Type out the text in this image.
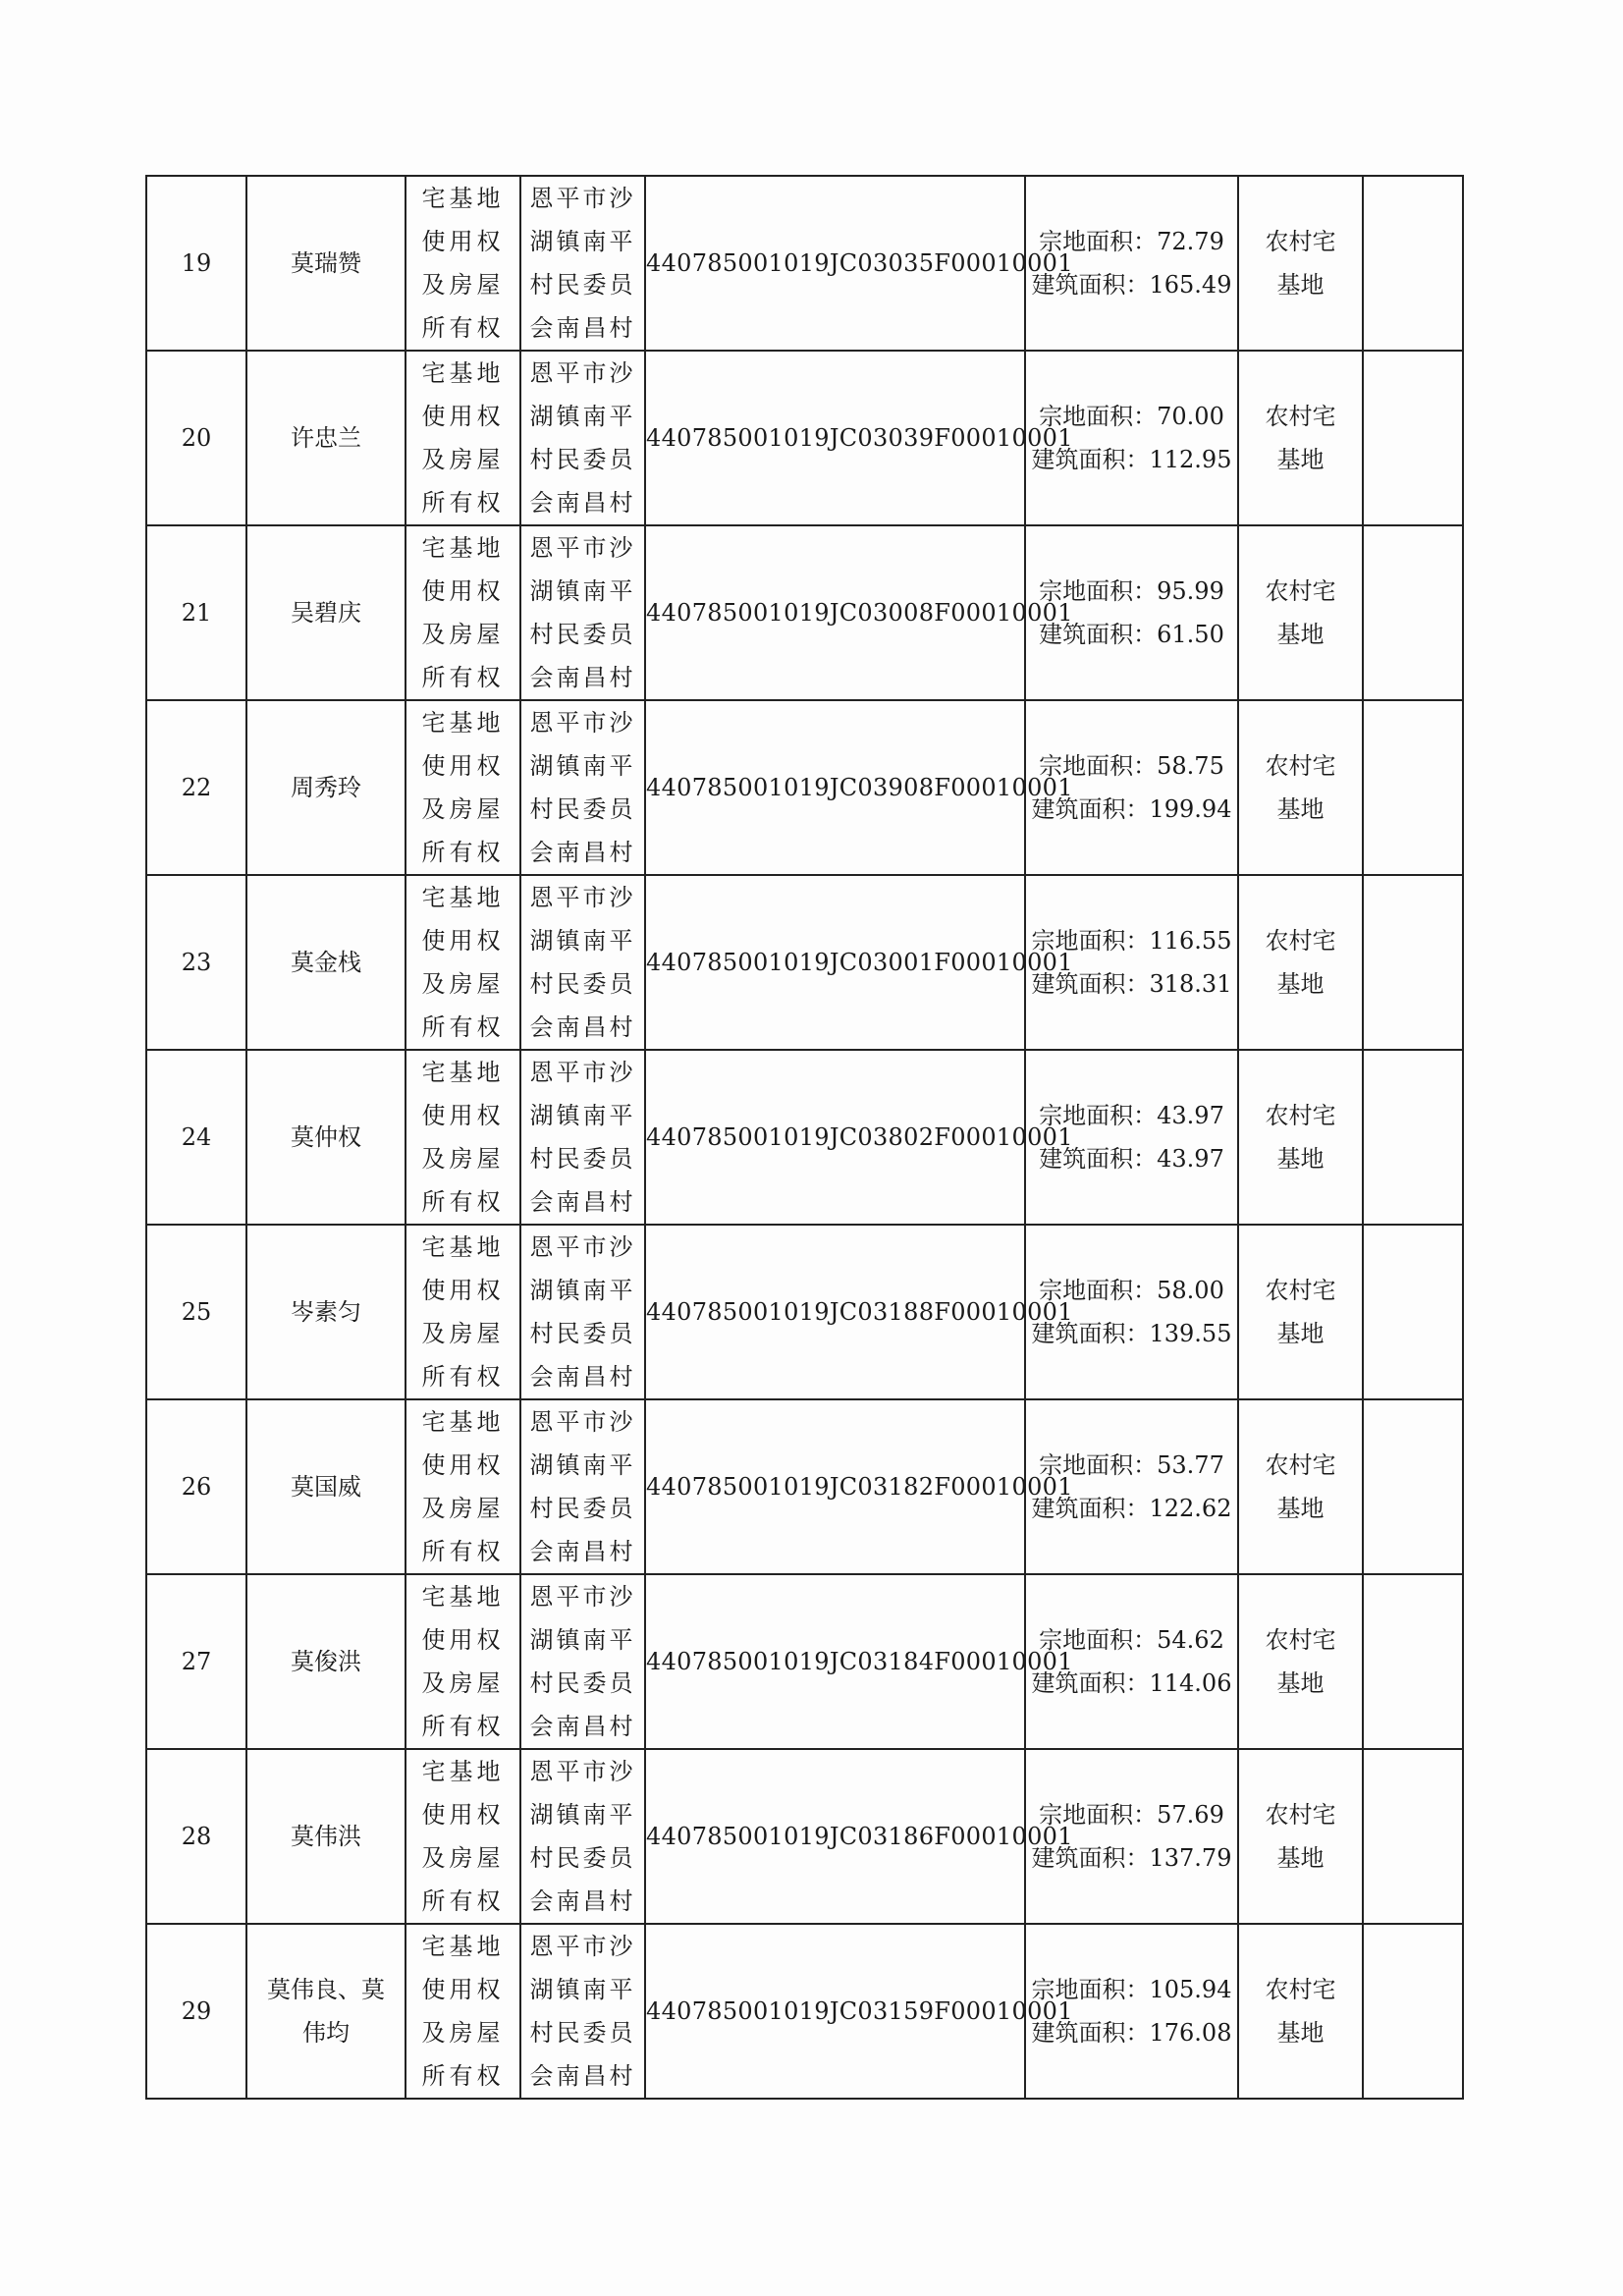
19	莫瑞赞	宅基地
使用权
及房屋
所有权	恩平市沙
湖镇南平
村民委员
会南昌村	440785001019JC03035F00010001	宗地面积：72.79
建筑面积：165.49	农村宅
基地	

20	许忠兰	宅基地
使用权
及房屋
所有权	恩平市沙
湖镇南平
村民委员
会南昌村	440785001019JC03039F00010001	宗地面积：70.00
建筑面积：112.95	农村宅
基地	

21	吴碧庆	宅基地
使用权
及房屋
所有权	恩平市沙
湖镇南平
村民委员
会南昌村	440785001019JC03008F00010001	宗地面积：95.99
建筑面积：61.50	农村宅
基地	

22	周秀玲	宅基地
使用权
及房屋
所有权	恩平市沙
湖镇南平
村民委员
会南昌村	440785001019JC03908F00010001	宗地面积：58.75
建筑面积：199.94	农村宅
基地	

23	莫金栈	宅基地
使用权
及房屋
所有权	恩平市沙
湖镇南平
村民委员
会南昌村	440785001019JC03001F00010001	宗地面积：116.55
建筑面积：318.31	农村宅
基地	

24	莫仲权	宅基地
使用权
及房屋
所有权	恩平市沙
湖镇南平
村民委员
会南昌村	440785001019JC03802F00010001	宗地面积：43.97
建筑面积：43.97	农村宅
基地	

25	岑素匀	宅基地
使用权
及房屋
所有权	恩平市沙
湖镇南平
村民委员
会南昌村	440785001019JC03188F00010001	宗地面积：58.00
建筑面积：139.55	农村宅
基地	

26	莫国威	宅基地
使用权
及房屋
所有权	恩平市沙
湖镇南平
村民委员
会南昌村	440785001019JC03182F00010001	宗地面积：53.77
建筑面积：122.62	农村宅
基地	

27	莫俊洪	宅基地
使用权
及房屋
所有权	恩平市沙
湖镇南平
村民委员
会南昌村	440785001019JC03184F00010001	宗地面积：54.62
建筑面积：114.06	农村宅
基地	

28	莫伟洪	宅基地
使用权
及房屋
所有权	恩平市沙
湖镇南平
村民委员
会南昌村	440785001019JC03186F00010001	宗地面积：57.69
建筑面积：137.79	农村宅
基地	

29	莫伟良、莫
伟均	宅基地
使用权
及房屋
所有权	恩平市沙
湖镇南平
村民委员
会南昌村	440785001019JC03159F00010001	宗地面积：105.94
建筑面积：176.08	农村宅
基地	
